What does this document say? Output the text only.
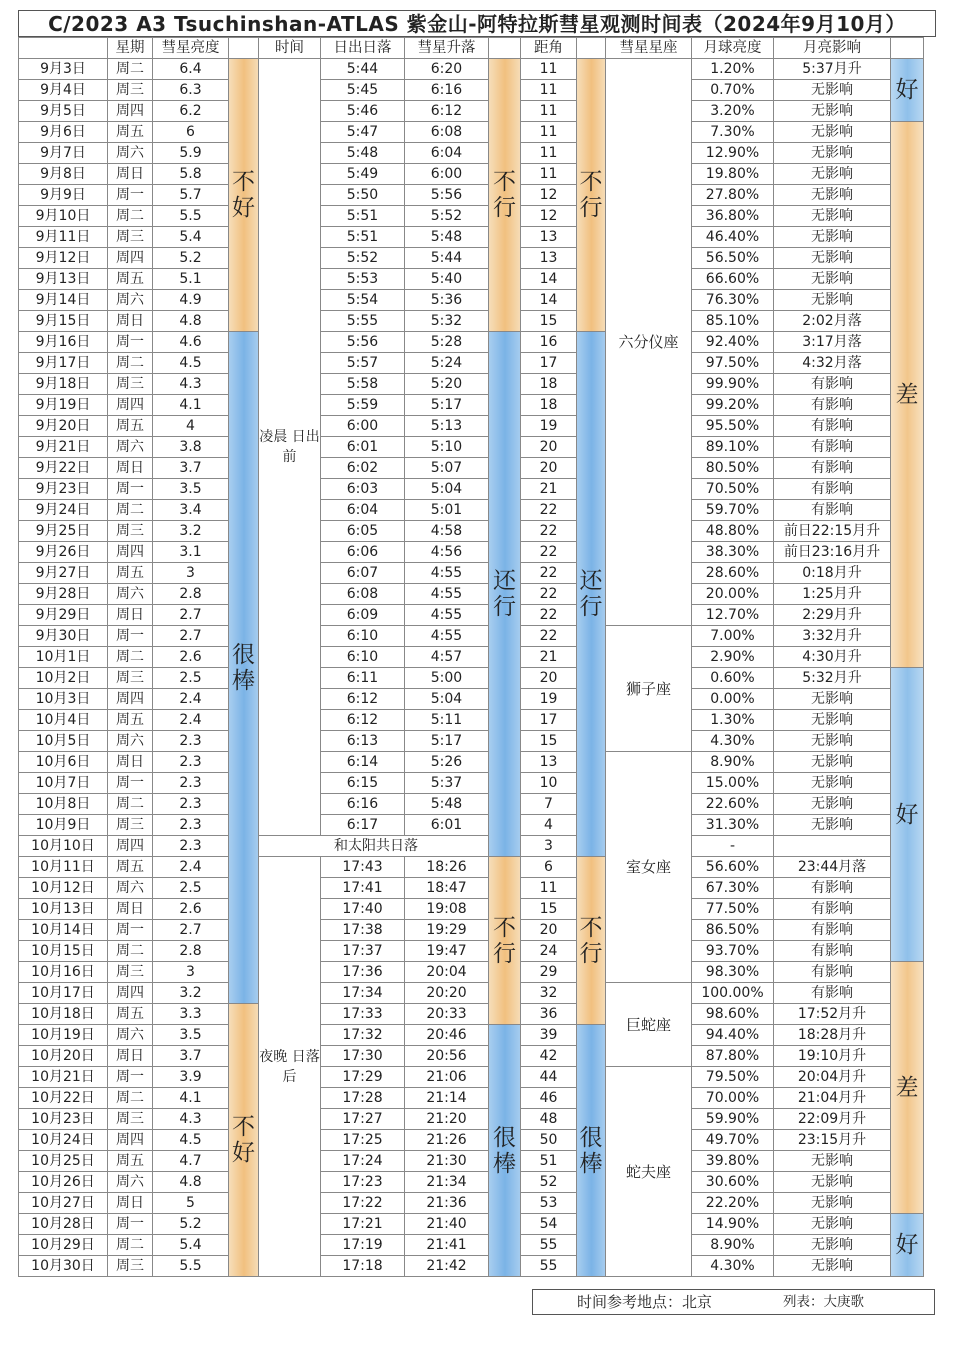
C/2023 A3 Tsuchinshan-ATLAS 紫金山-阿特拉斯彗星观测时间表（2024年9月10月）
	星期	彗星亮度		时间	日出日落	彗星升落		距角		彗星星座	月球亮度	月亮影响	
9月3日	周二	6.4	不好	凌晨 日出前	5:44	6:20	不行	11	不行	六分仪座	1.20%	5:37月升	好
9月4日	周三	6.3			5:45	6:16		11			0.70%	无影响	
9月5日	周四	6.2			5:46	6:12		11			3.20%	无影响	
9月6日	周五	6			5:47	6:08		11			7.30%	无影响	差
9月7日	周六	5.9			5:48	6:04		11			12.90%	无影响	
9月8日	周日	5.8			5:49	6:00		11			19.80%	无影响	
9月9日	周一	5.7			5:50	5:56		12			27.80%	无影响	
9月10日	周二	5.5			5:51	5:52		12			36.80%	无影响	
9月11日	周三	5.4			5:51	5:48		13			46.40%	无影响	
9月12日	周四	5.2			5:52	5:44		13			56.50%	无影响	
9月13日	周五	5.1			5:53	5:40		14			66.60%	无影响	
9月14日	周六	4.9			5:54	5:36		14			76.30%	无影响	
9月15日	周日	4.8			5:55	5:32		15			85.10%	2:02月落	
9月16日	周一	4.6	很棒		5:56	5:28	还行	16	还行		92.40%	3:17月落	
9月17日	周二	4.5			5:57	5:24		17			97.50%	4:32月落	
9月18日	周三	4.3			5:58	5:20		18			99.90%	有影响	
9月19日	周四	4.1			5:59	5:17		18			99.20%	有影响	
9月20日	周五	4			6:00	5:13		19			95.50%	有影响	
9月21日	周六	3.8			6:01	5:10		20			89.10%	有影响	
9月22日	周日	3.7			6:02	5:07		20			80.50%	有影响	
9月23日	周一	3.5			6:03	5:04		21			70.50%	有影响	
9月24日	周二	3.4			6:04	5:01		22			59.70%	有影响	
9月25日	周三	3.2			6:05	4:58		22			48.80%	前日22:15月升	
9月26日	周四	3.1			6:06	4:56		22			38.30%	前日23:16月升	
9月27日	周五	3			6:07	4:55		22			28.60%	0:18月升	
9月28日	周六	2.8			6:08	4:55		22			20.00%	1:25月升	
9月29日	周日	2.7			6:09	4:55		22			12.70%	2:29月升	
9月30日	周一	2.7			6:10	4:55		22		狮子座	7.00%	3:32月升	
10月1日	周二	2.6			6:10	4:57		21			2.90%	4:30月升	
10月2日	周三	2.5			6:11	5:00		20			0.60%	5:32月升	好
10月3日	周四	2.4			6:12	5:04		19			0.00%	无影响	
10月4日	周五	2.4			6:12	5:11		17			1.30%	无影响	
10月5日	周六	2.3			6:13	5:17		15			4.30%	无影响	
10月6日	周日	2.3			6:14	5:26		13		室女座	8.90%	无影响	
10月7日	周一	2.3			6:15	5:37		10			15.00%	无影响	
10月8日	周二	2.3			6:16	5:48		7			22.60%	无影响	
10月9日	周三	2.3			6:17	6:01		4			31.30%	无影响	
10月10日	周四	2.3		和太阳共日落				3			-		
10月11日	周五	2.4		夜晚 日落后	17:43	18:26	不行	6	不行		56.60%	23:44月落	
10月12日	周六	2.5			17:41	18:47		11			67.30%	有影响	
10月13日	周日	2.6			17:40	19:08		15			77.50%	有影响	
10月14日	周一	2.7			17:38	19:29		20			86.50%	有影响	
10月15日	周二	2.8			17:37	19:47		24			93.70%	有影响	
10月16日	周三	3			17:36	20:04		29			98.30%	有影响	差
10月17日	周四	3.2			17:34	20:20		32		巨蛇座	100.00%	有影响	
10月18日	周五	3.3	不好		17:33	20:33		36			98.60%	17:52月升	
10月19日	周六	3.5			17:32	20:46	很棒	39	很棒		94.40%	18:28月升	
10月20日	周日	3.7			17:30	20:56		42			87.80%	19:10月升	
10月21日	周一	3.9			17:29	21:06		44		蛇夫座	79.50%	20:04月升	
10月22日	周二	4.1			17:28	21:14		46			70.00%	21:04月升	
10月23日	周三	4.3			17:27	21:20		48			59.90%	22:09月升	
10月24日	周四	4.5			17:25	21:26		50			49.70%	23:15月升	
10月25日	周五	4.7			17:24	21:30		51			39.80%	无影响	
10月26日	周六	4.8			17:23	21:34		52			30.60%	无影响	
10月27日	周日	5			17:22	21:36		53			22.20%	无影响	
10月28日	周一	5.2			17:21	21:40		54			14.90%	无影响	好
10月29日	周二	5.4			17:19	21:41		55			8.90%	无影响	
10月30日	周三	5.5			17:18	21:42		55			4.30%	无影响	
时间参考地点：北京	列表：大庚歌
